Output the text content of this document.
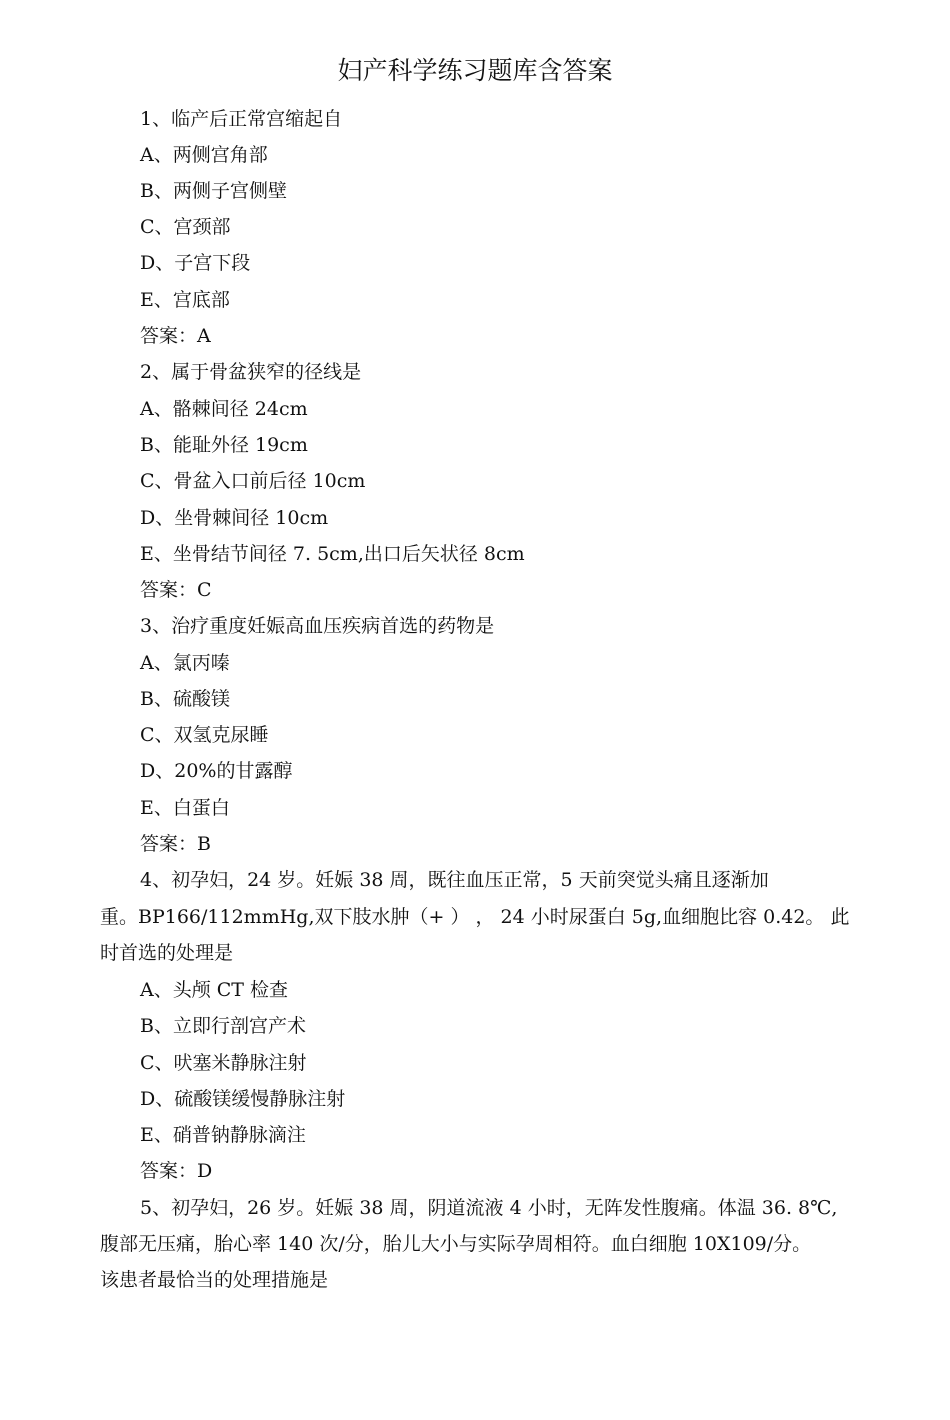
妇产科学练习题库含答案
1、临产后正常宫缩起自
A、两侧宫角部
B、两侧子宫侧壁
C、宫颈部
D、子宫下段
E、宫底部
答案：A
2、属于骨盆狭窄的径线是
A、骼棘间径 24cm
B、能耻外径 19cm
C、骨盆入口前后径 10cm
D、坐骨棘间径 10cm
E、坐骨结节间径 7. 5cm,出口后矢状径 8cm
答案：C
3、治疗重度妊娠高血压疾病首选的药物是
A、氯丙嗪
B、硫酸镁
C、双氢克尿睡
D、20%的甘露醇
E、白蛋白
答案：B
4、初孕妇，24 岁。妊娠 38 周，既往血压正常，5 天前突觉头痛且逐渐加
重。BP166/112mmHg,双下肢水肿（+ ） ， 24 小时尿蛋白 5g,血细胞比容 0.42。 此
时首选的处理是
A、头颅 CT 检查
B、立即行剖宫产术
C、吠塞米静脉注射
D、硫酸镁缓慢静脉注射
E、硝普钠静脉滴注
答案：D
5、初孕妇，26 岁。妊娠 38 周，阴道流液 4 小时，无阵发性腹痛。体温 36. 8℃,
腹部无压痛，胎心率 140 次/分，胎儿大小与实际孕周相符。血白细胞 10X109/分。
该患者最恰当的处理措施是
